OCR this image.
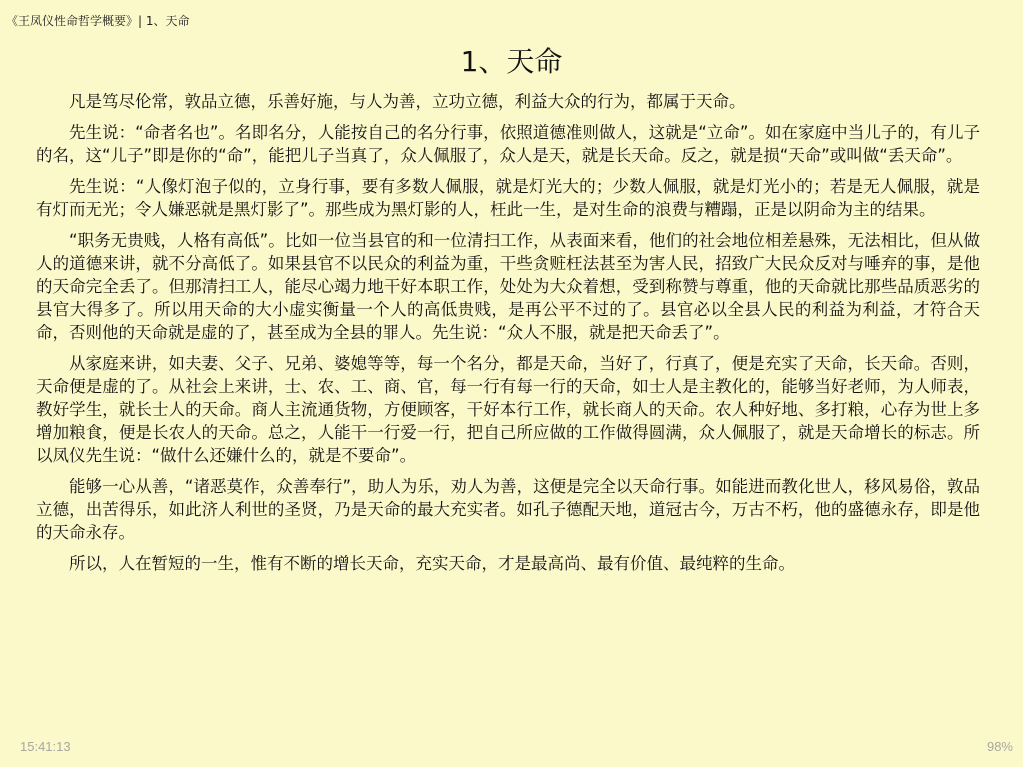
《王凤仪性命哲学概要》| 1、天命
1、天命

凡是笃尽伦常，敦品立德，乐善好施，与人为善，立功立德，利益大众的行为，都属于天命。

先生说：“命者名也”。名即名分，人能按自己的名分行事，依照道德准则做人，这就是“立命”。如在家庭中当儿子的，有儿子的名，这“儿子”即是你的“命”，能把儿子当真了，众人佩服了，众人是天，就是长天命。反之，就是损“天命”或叫做“丢天命”。

先生说：“人像灯泡子似的，立身行事，要有多数人佩服，就是灯光大的；少数人佩服，就是灯光小的；若是无人佩服，就是有灯而无光；令人嫌恶就是黑灯影了”。那些成为黑灯影的人，枉此一生，是对生命的浪费与糟蹋，正是以阴命为主的结果。

“职务无贵贱，人格有高低”。比如一位当县官的和一位清扫工作，从表面来看，他们的社会地位相差悬殊，无法相比，但从做人的道德来讲，就不分高低了。如果县官不以民众的利益为重，干些贪赃枉法甚至为害人民，招致广大民众反对与唾弃的事，是他的天命完全丢了。但那清扫工人，能尽心竭力地干好本职工作，处处为大众着想，受到称赞与尊重，他的天命就比那些品质恶劣的县官大得多了。所以用天命的大小虚实衡量一个人的高低贵贱，是再公平不过的了。县官必以全县人民的利益为利益，才符合天命，否则他的天命就是虚的了，甚至成为全县的罪人。先生说：“众人不服，就是把天命丢了”。

从家庭来讲，如夫妻、父子、兄弟、婆媳等等，每一个名分，都是天命，当好了，行真了，便是充实了天命，长天命。否则，天命便是虚的了。从社会上来讲，士、农、工、商、官，每一行有每一行的天命，如士人是主教化的，能够当好老师，为人师表，教好学生，就长士人的天命。商人主流通货物，方便顾客，干好本行工作，就长商人的天命。农人种好地、多打粮，心存为世上多增加粮食，便是长农人的天命。总之，人能干一行爱一行，把自己所应做的工作做得圆满，众人佩服了，就是天命增长的标志。所以凤仪先生说：“做什么还嫌什么的，就是不要命”。

能够一心从善，“诸恶莫作，众善奉行”，助人为乐，劝人为善，这便是完全以天命行事。如能进而教化世人，移风易俗，敦品立德，出苦得乐，如此济人利世的圣贤，乃是天命的最大充实者。如孔子德配天地，道冠古今，万古不朽，他的盛德永存，即是他的天命永存。

所以，人在暂短的一生，惟有不断的增长天命，充实天命，才是最高尚、最有价值、最纯粹的生命。

15:41:13	98%
